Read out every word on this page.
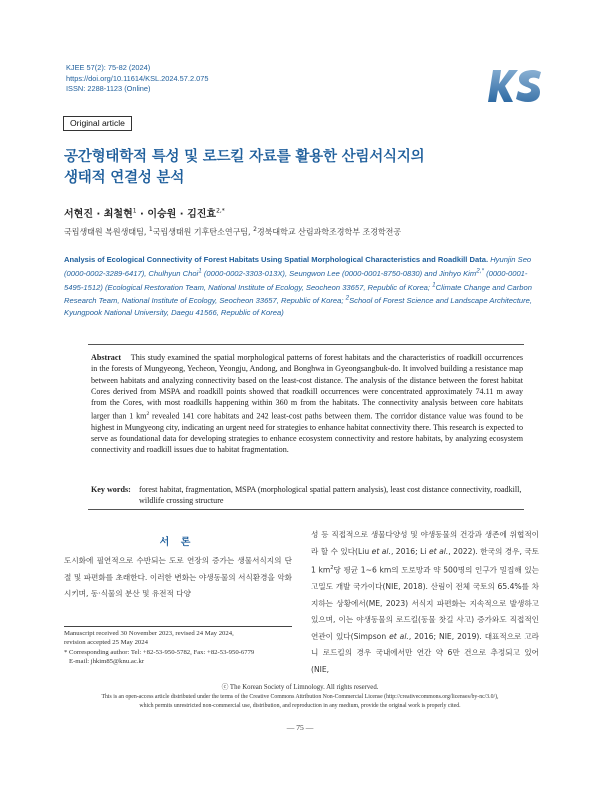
KJEE 57(2): 75-82 (2024)
https://doi.org/10.11614/KSL.2024.57.2.075
ISSN: 2288-1123 (Online)
Original article
공간형태학적 특성 및 로드킬 자료를 활용한 산림서식지의
생태적 연결성 분석
서현진 · 최철현$^1$ · 이승원 · 김진효$^{2,*}$
국립생태원 복원생태팀, $^1$국립생태원 기후탄소연구팀, $^2$경북대학교 산림과학조경학부 조경학전공
Analysis of Ecological Connectivity of Forest Habitats Using Spatial Morphological Characteristics and Roadkill Data. Hyunjin Seo (0000-0002-3289-6417), Chulhyun Choi$^1$ (0000-0002-3303-013X), Seungwon Lee (0000-0001-8750-0830) and Jinhyo Kim$^{2,*}$ (0000-0001-5495-1512) (Ecological Restoration Team, National Institute of Ecology, Seocheon 33657, Republic of Korea; $^1$Climate Change and Carbon Research Team, National Institute of Ecology, Seocheon 33657, Republic of Korea; $^2$School of Forest Science and Landscape Architecture, Kyungpook National University, Daegu 41566, Republic of Korea)
Abstract This study examined the spatial morphological patterns of forest habitats and the characteristics of roadkill occurrences in the forests of Mungyeong, Yecheon, Yeongju, Andong, and Bonghwa in Gyeongsangbuk-do. It involved building a resistance map between habitats and analyzing connectivity based on the least-cost distance. The analysis of the distance between the forest habitat Cores derived from MSPA and roadkill points showed that roadkill occurrences were concentrated approximately 74.11 m away from the Cores, with most roadkills happening within 360 m from the habitats. The connectivity analysis between core habitats larger than 1 $km^2$ revealed 141 core habitats and 242 least-cost paths between them. The corridor distance value was found to be highest in Mungyeong city, indicating an urgent need for strategies to enhance habitat connectivity there. This research is expected to serve as foundational data for developing strategies to enhance ecosystem connectivity and restore habitats, by analyzing ecosystem connectivity and roadkill issues due to habitat fragmentation.
Key words:	forest habitat, fragmentation, MSPA (morphological spatial pattern analysis), least cost distance connectivity, roadkill, wildlife crossing structure
서 론
도시화에 필연적으로 수반되는 도로 연장의 증가는 생물서식지의 단절 및 파편화를 초래한다. 이러한 변화는 야생동물의 서식환경을 악화시키며, 동·식물의 분산 및 유전적 다양
성 등 직접적으로 생물다양성 및 야생동물의 건강과 생존에 위협적이라 할 수 있다(Liu et al., 2016; Li et al., 2022). 한국의 경우, 국토 1 $km^2$당 평균 1~6 km의 도로망과 약 500명의 인구가 밀집해 있는 고밀도 개발 국가이다(NIE, 2018). 산림이 전체 국토의 65.4%를 차지하는 상황에서(ME, 2023) 서식지 파편화는 지속적으로 발생하고 있으며, 이는 야생동물의 로드킬(동물 찻길 사고) 증가와도 직접적인 연관이 있다(Simpson et al., 2016; NIE, 2019). 대표적으로 고라니 로드킬의 경우 국내에서만 연간 약 6만 건으로 추정되고 있어(NIE,
Manuscript received 30 November 2023, revised 24 May 2024,
revision accepted 25 May 2024
* Corresponding author: Tel: +82-53-950-5782, Fax: +82-53-950-6779
E-mail: jhkim85@knu.ac.kr
ⓒ The Korean Society of Limnology. All rights reserved.
This is an open-access article distributed under the terms of the Creative Commons Attribution Non-Commercial License (http://creativecommons.org/licenses/by-nc/3.0/),
which permits unrestricted non-commercial use, distribution, and reproduction in any medium, provide the original work is properly cited.
— 75 —
